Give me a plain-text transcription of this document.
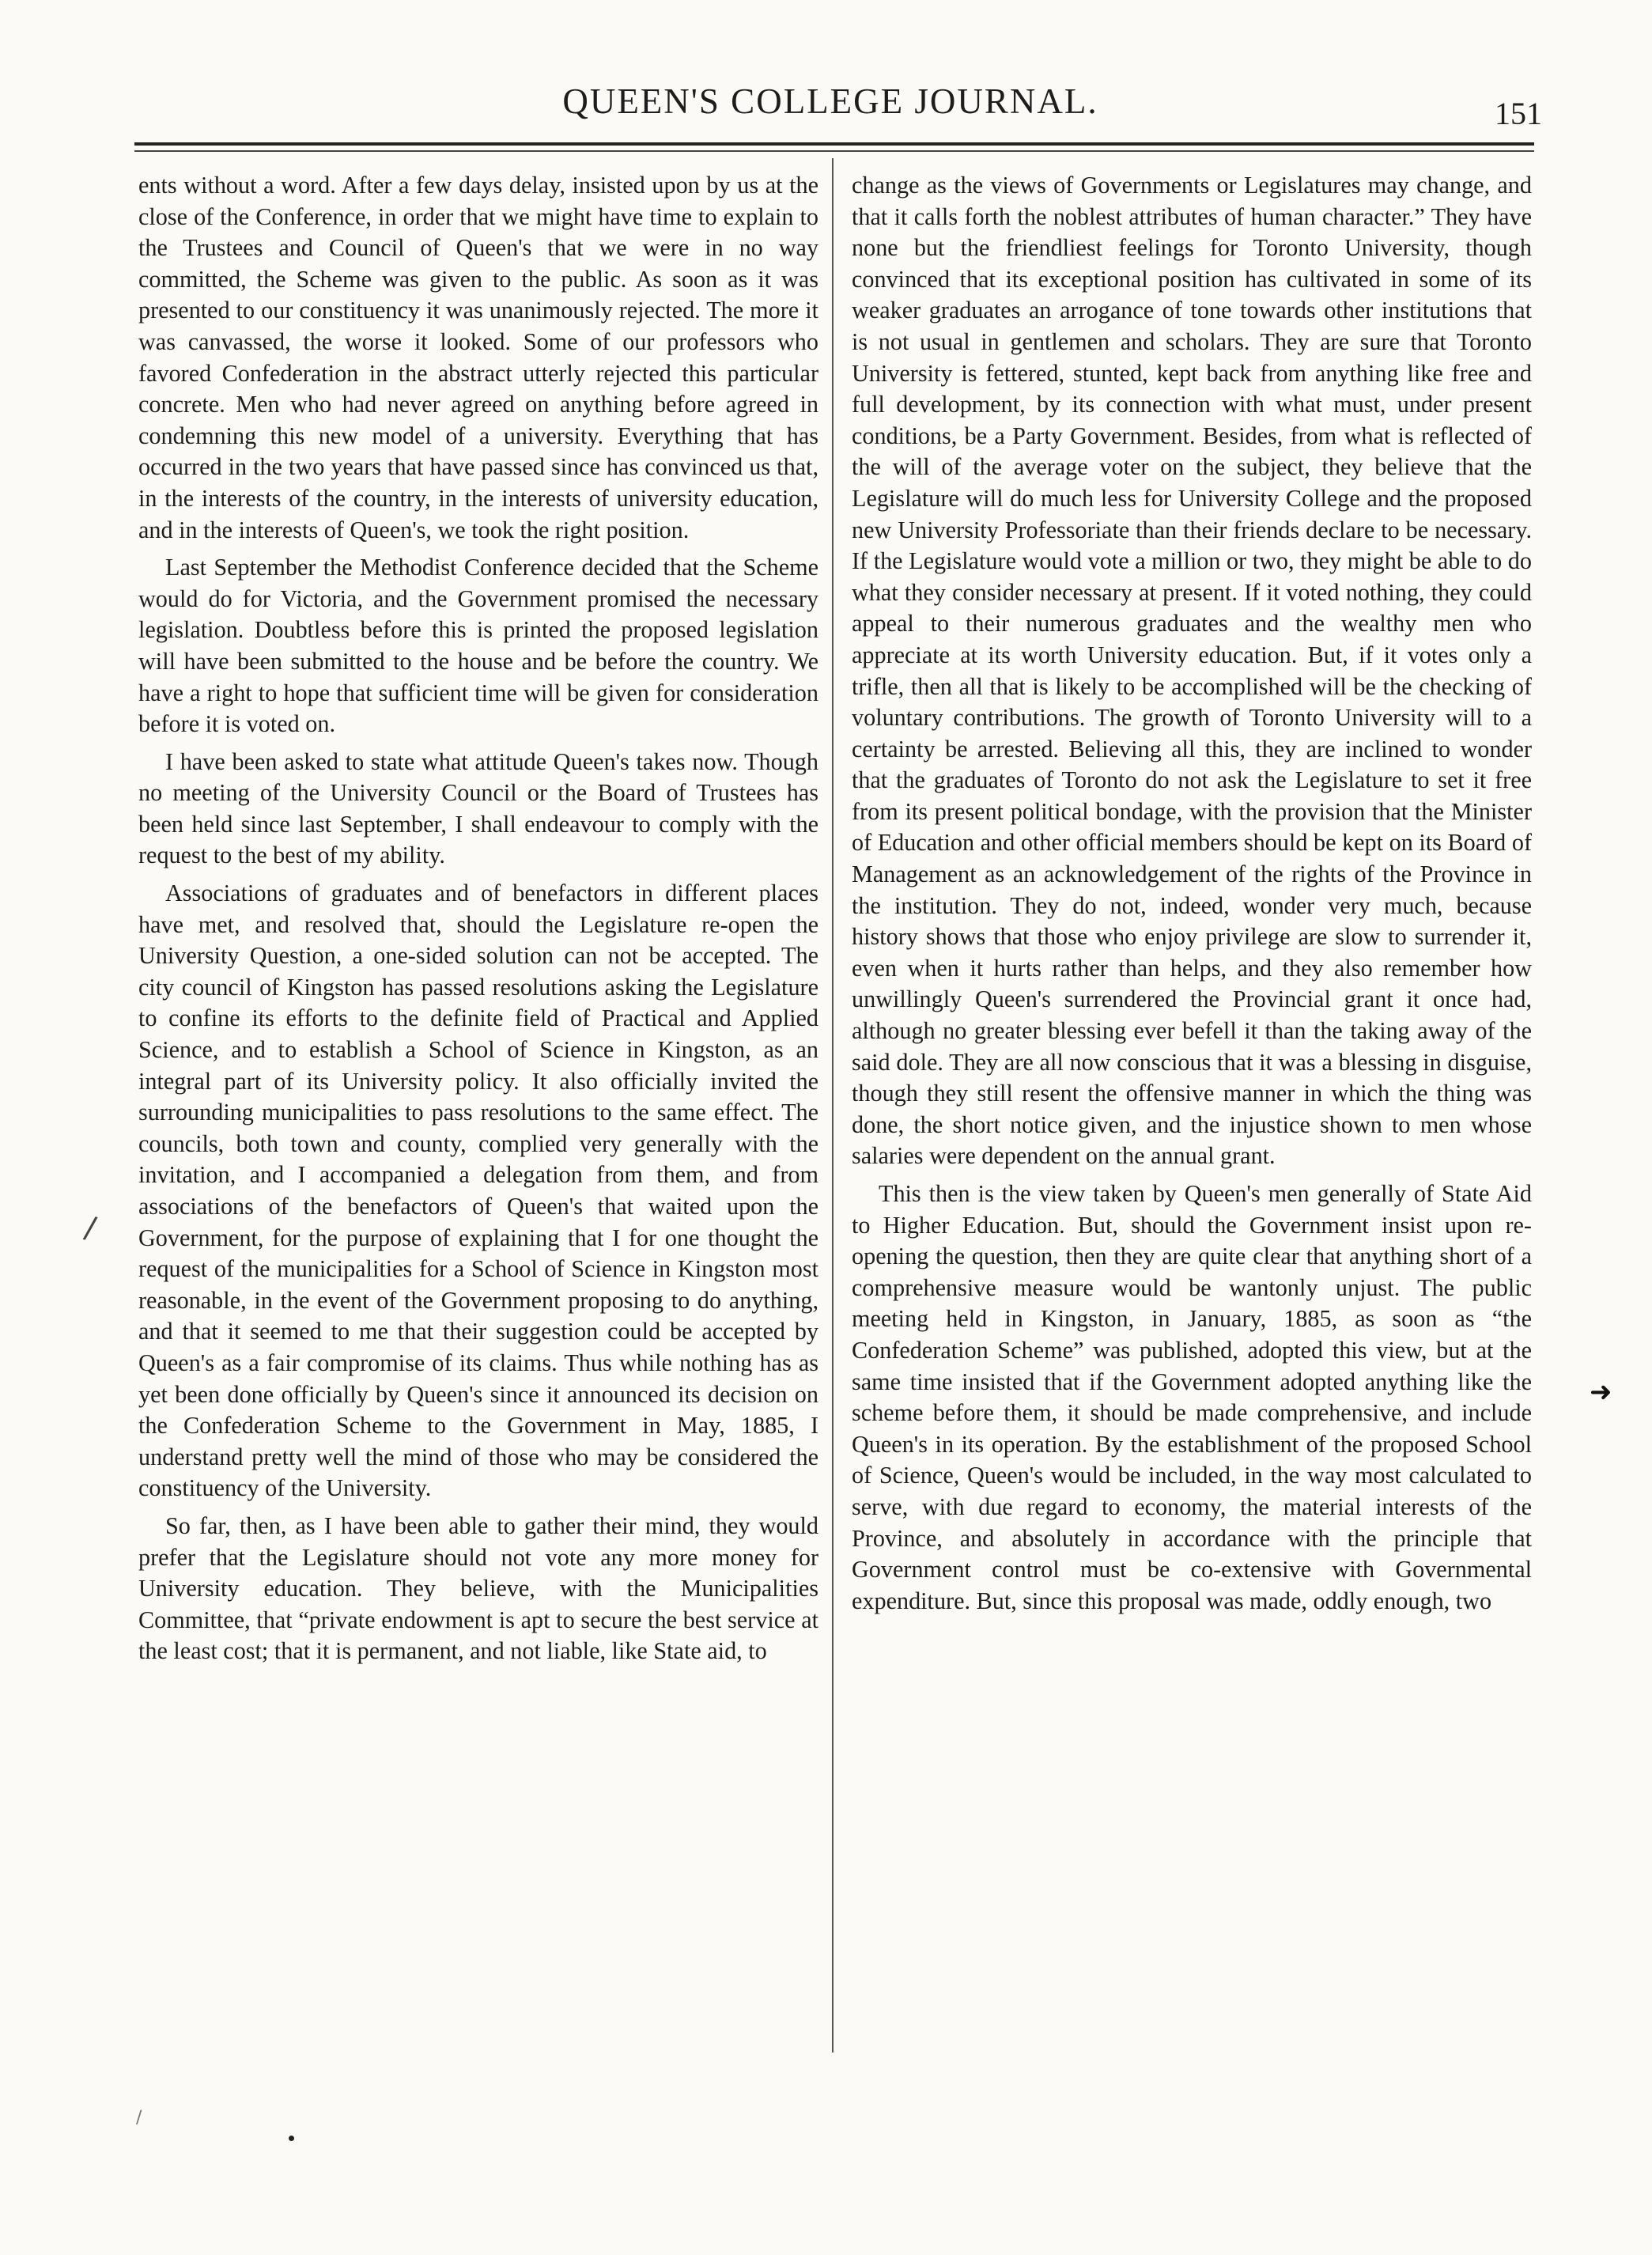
QUEEN'S COLLEGE JOURNAL.	151

ents without a word. After a few days delay, insisted upon by us at the close of the Conference, in order that we might have time to explain to the Trustees and Council of Queen's that we were in no way committed, the Scheme was given to the public. As soon as it was presented to our constituency it was unanimously rejected. The more it was canvassed, the worse it looked. Some of our professors who favored Confederation in the abstract utterly rejected this particular concrete. Men who had never agreed on anything before agreed in condemning this new model of a university. Everything that has occurred in the two years that have passed since has convinced us that, in the interests of the country, in the interests of university education, and in the interests of Queen's, we took the right position.

Last September the Methodist Conference decided that the Scheme would do for Victoria, and the Government promised the necessary legislation. Doubtless before this is printed the proposed legislation will have been submitted to the house and be before the country. We have a right to hope that sufficient time will be given for consideration before it is voted on.

I have been asked to state what attitude Queen's takes now. Though no meeting of the University Council or the Board of Trustees has been held since last September, I shall endeavour to comply with the request to the best of my ability.

Associations of graduates and of benefactors in different places have met, and resolved that, should the Legislature re-open the University Question, a one-sided solution can not be accepted. The city council of Kingston has passed resolutions asking the Legislature to confine its efforts to the definite field of Practical and Applied Science, and to establish a School of Science in Kingston, as an integral part of its University policy. It also officially invited the surrounding municipalities to pass resolutions to the same effect. The councils, both town and county, complied very generally with the invitation, and I accompanied a delegation from them, and from associations of the benefactors of Queen's that waited upon the Government, for the purpose of explaining that I for one thought the request of the municipalities for a School of Science in Kingston most reasonable, in the event of the Government proposing to do anything, and that it seemed to me that their suggestion could be accepted by Queen's as a fair compromise of its claims. Thus while nothing has as yet been done officially by Queen's since it announced its decision on the Confederation Scheme to the Government in May, 1885, I understand pretty well the mind of those who may be considered the constituency of the University.

So far, then, as I have been able to gather their mind, they would prefer that the Legislature should not vote any more money for University education. They believe, with the Municipalities Committee, that “private endowment is apt to secure the best service at the least cost; that it is permanent, and not liable, like State aid, to

change as the views of Governments or Legislatures may change, and that it calls forth the noblest attributes of human character.” They have none but the friendliest feelings for Toronto University, though convinced that its exceptional position has cultivated in some of its weaker graduates an arrogance of tone towards other institutions that is not usual in gentlemen and scholars. They are sure that Toronto University is fettered, stunted, kept back from anything like free and full development, by its connection with what must, under present conditions, be a Party Government. Besides, from what is reflected of the will of the average voter on the subject, they believe that the Legislature will do much less for University College and the proposed new University Professoriate than their friends declare to be necessary. If the Legislature would vote a million or two, they might be able to do what they consider necessary at present. If it voted nothing, they could appeal to their numerous graduates and the wealthy men who appreciate at its worth University education. But, if it votes only a trifle, then all that is likely to be accomplished will be the checking of voluntary contributions. The growth of Toronto University will to a certainty be arrested. Believing all this, they are inclined to wonder that the graduates of Toronto do not ask the Legislature to set it free from its present political bondage, with the provision that the Minister of Education and other official members should be kept on its Board of Management as an acknowledgement of the rights of the Province in the institution. They do not, indeed, wonder very much, because history shows that those who enjoy privilege are slow to surrender it, even when it hurts rather than helps, and they also remember how unwillingly Queen's surrendered the Provincial grant it once had, although no greater blessing ever befell it than the taking away of the said dole. They are all now conscious that it was a blessing in disguise, though they still resent the offensive manner in which the thing was done, the short notice given, and the injustice shown to men whose salaries were dependent on the annual grant.

This then is the view taken by Queen's men generally of State Aid to Higher Education. But, should the Government insist upon re-opening the question, then they are quite clear that anything short of a comprehensive measure would be wantonly unjust. The public meeting held in Kingston, in January, 1885, as soon as “the Confederation Scheme” was published, adopted this view, but at the same time insisted that if the Government adopted anything like the scheme before them, it should be made comprehensive, and include Queen's in its operation. By the establishment of the proposed School of Science, Queen's would be included, in the way most calculated to serve, with due regard to economy, the material interests of the Province, and absolutely in accordance with the principle that Government control must be co-extensive with Governmental expenditure. But, since this proposal was made, oddly enough, two

/
➜
/
